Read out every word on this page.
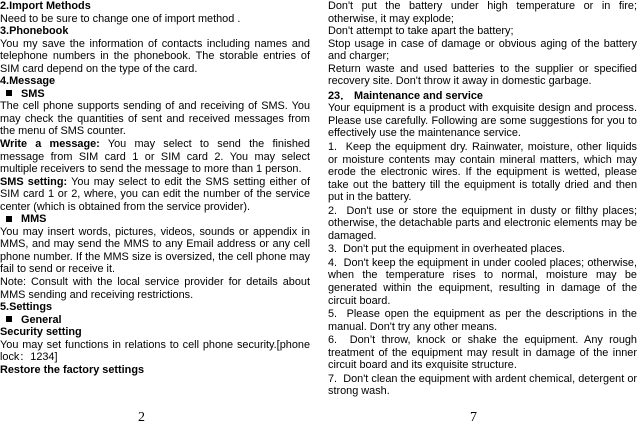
2.Import Methods

Need to be sure to change one of import method .

3.Phonebook

You my save the information of contacts including names and telephone numbers in the phonebook. The storable entries of SIM card depend on the type of the card.

4.Message

SMS

The cell phone supports sending of and receiving of SMS. You may check the quantities of sent and received messages from the menu of SMS counter.

Write a message: You may select to send the finished message from SIM card 1 or SIM card 2. You may select multiple receivers to send the message to more than 1 person.

SMS setting: You may select to edit the SMS setting either of SIM card 1 or 2, where, you can edit the number of the service center (which is obtained from the service provider).

MMS

You may insert words, pictures, videos, sounds or appendix in MMS, and may send the MMS to any Email address or any cell phone number. If the MMS size is oversized, the cell phone may fail to send or receive it.

Note: Consult with the local service provider for details about MMS sending and receiving restrictions.

5.Settings

General

Security setting

You may set functions in relations to cell phone security.[phone lock：1234]

Restore the factory settings

Don't put the battery under high temperature or in fire; otherwise, it may explode;

Don't attempt to take apart the battery;

Stop usage in case of damage or obvious aging of the battery and charger;

Return waste and used batteries to the supplier or specified recovery site. Don't throw it away in domestic garbage.

23． Maintenance and service

Your equipment is a product with exquisite design and process. Please use carefully. Following are some suggestions for you to effectively use the maintenance service.

1.  Keep the equipment dry. Rainwater, moisture, other liquids or moisture contents may contain mineral matters, which may erode the electronic wires. If the equipment is wetted, please take out the battery till the equipment is totally dried and then put in the battery.

2.  Don't use or store the equipment in dusty or filthy places; otherwise, the detachable parts and electronic elements may be damaged.

3.  Don't put the equipment in overheated places.

4.  Don't keep the equipment in under cooled places; otherwise, when the temperature rises to normal, moisture may be generated within the equipment, resulting in damage of the circuit board.

5.  Please open the equipment as per the descriptions in the manual. Don't try any other means.

6.  Don’t throw, knock or shake the equipment. Any rough treatment of the equipment may result in damage of the inner circuit board and its exquisite structure.

7.  Don't clean the equipment with ardent chemical, detergent or strong wash.

2	7
